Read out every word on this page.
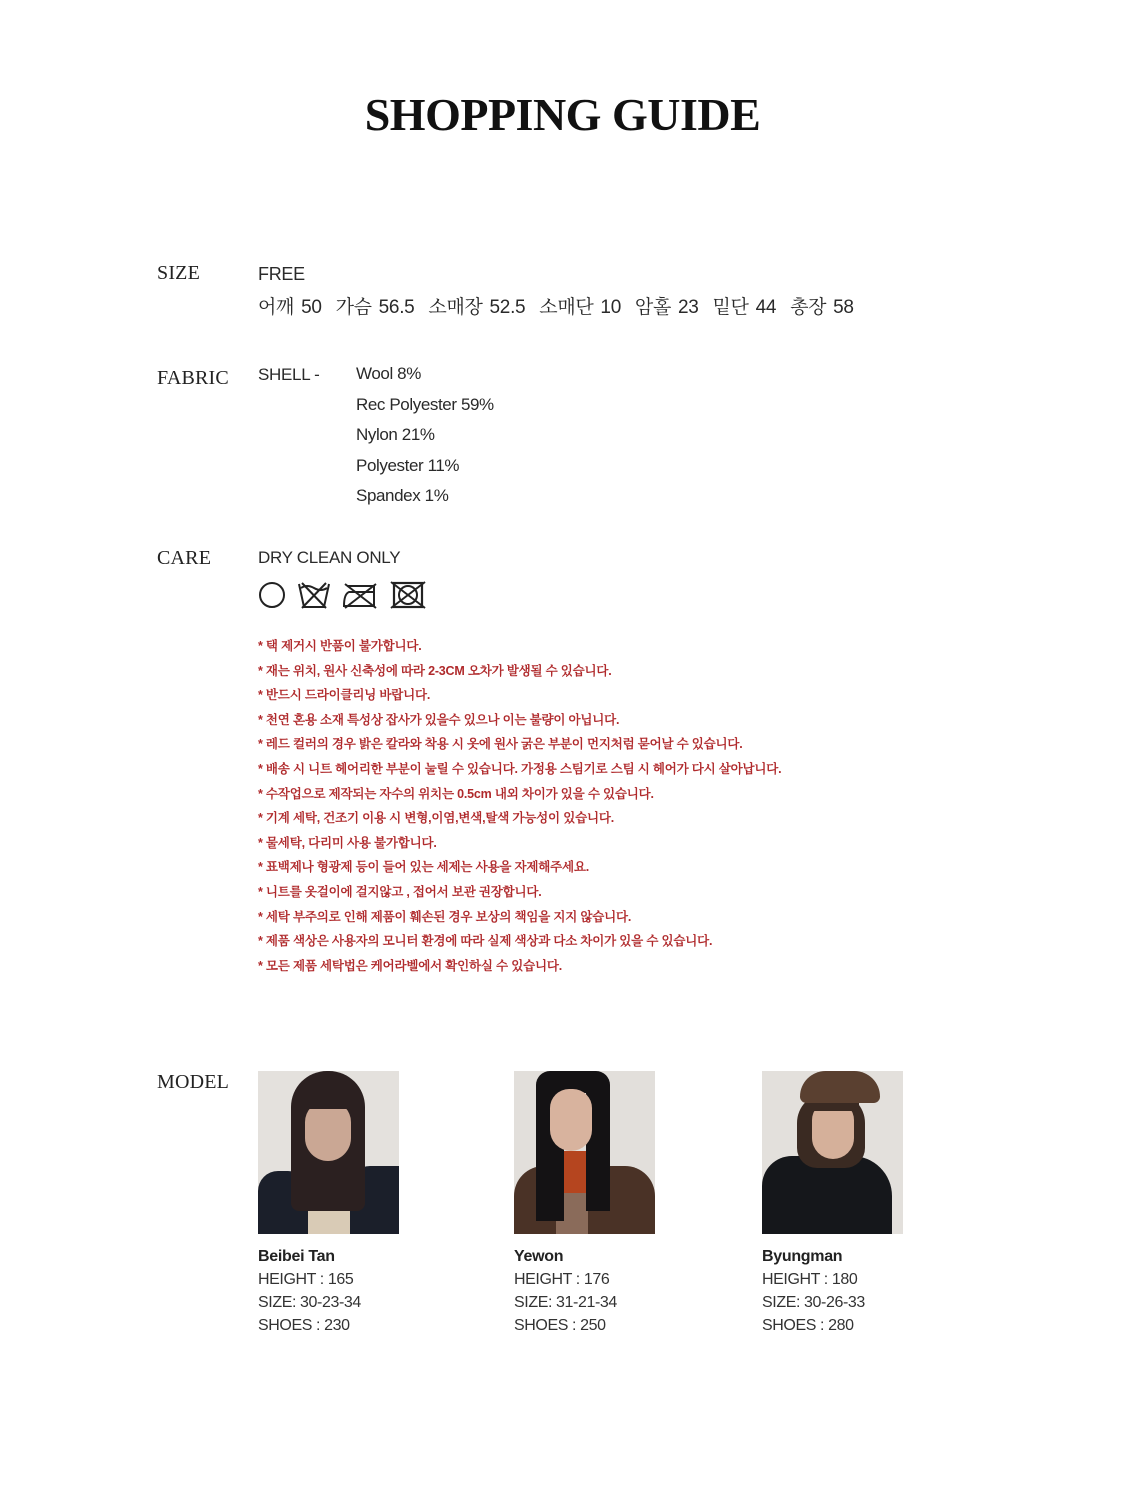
SHOPPING GUIDE
SIZE	FREE
어깨 50  가슴 56.5  소매장 52.5  소매단 10  암홀 23  밑단 44  총장 58
FABRIC SHELL - Wool 8%
Rec Polyester 59%
Nylon 21%
Polyester 11%
Spandex 1%
CARE	DRY CLEAN ONLY
* 택 제거시 반품이 불가합니다.
* 재는 위치, 원사 신축성에 따라 2-3CM 오차가 발생될 수 있습니다.
* 반드시 드라이클리닝 바랍니다.
* 천연 혼용 소재 특성상 잡사가 있을수 있으나 이는 불량이 아닙니다.
* 레드 컬러의 경우 밝은 칼라와 착용 시 옷에 원사 굵은 부분이 먼지처럼 묻어날 수 있습니다.
* 배송 시 니트 헤어리한 부분이 눌릴 수 있습니다. 가정용 스팀기로 스팀 시 헤어가 다시 살아납니다.
* 수작업으로 제작되는 자수의 위치는 0.5cm 내외 차이가 있을 수 있습니다.
* 기계 세탁, 건조기 이용 시 변형,이염,변색,탈색 가능성이 있습니다.
* 물세탁, 다리미 사용 불가합니다.
* 표백제나 형광제 등이 들어 있는 세제는 사용을 자제해주세요.
* 니트를 옷걸이에 걸지않고 , 접어서 보관 권장합니다.
* 세탁 부주의로 인해 제품이 훼손된 경우 보상의 책임을 지지 않습니다.
* 제품 색상은 사용자의 모니터 환경에 따라 실제 색상과 다소 차이가 있을 수 있습니다.
* 모든 제품 세탁법은 케어라벨에서 확인하실 수 있습니다.
MODEL
Beibei Tan
HEIGHT : 165
SIZE: 30-23-34
SHOES : 230
Yewon
HEIGHT : 176
SIZE: 31-21-34
SHOES : 250
Byungman
HEIGHT : 180
SIZE: 30-26-33
SHOES : 280
